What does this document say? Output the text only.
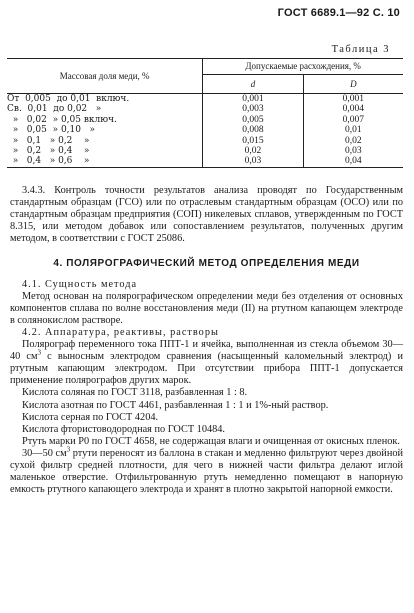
ГОСТ 6689.1—92 С. 10
Таблица 3
Массовая доля меди, %	Допускаемые расхождения, %	
	d	D
От  0,005  до 0,01  включ.	0,001	0,001
Св.  0,01  до 0,02   »	0,003	0,004
»   0,02  » 0,05 включ.	0,005	0,007
»   0,05  » 0,10   »	0,008	0,01
»   0,1   » 0,2    »	0,015	0,02
»   0,2   » 0,4    »	0,02	0,03
»   0,4   » 0,6    »	0,03	0,04

3.4.3. Контроль точности результатов анализа проводят по Государственным стандартным образцам (ГСО) или по отраслевым стандартным образцам (ОСО) или по стандартным образцам предприятия (СОП) никелевых сплавов, утвержденным по ГОСТ 8.315, или методом добавок или сопоставлением результатов, полученных другим методом, в соответствии с ГОСТ 25086.

4. ПОЛЯРОГРАФИЧЕСКИЙ МЕТОД ОПРЕДЕЛЕНИЯ МЕДИ

4.1. Сущность метода

Метод основан на полярографическом определении меди без отделения от основных компонентов сплава по волне восстановления меди (II) на ртутном капающем электроде в солянокислом растворе.

4.2. Аппаратура, реактивы, растворы

Полярограф переменного тока ППТ-1 и ячейка, выполненная из стекла объемом 30—40 $см^3$ с выносным электродом сравнения (насыщенный каломельный электрод) и ртутным капающим электродом. При отсутствии прибора ППТ-1 допускается применение полярографов других марок.

Кислота соляная по ГОСТ 3118, разбавленная 1 : 8.

Кислота азотная по ГОСТ 4461, разбавленная 1 : 1 и 1%-ный раствор.

Кислота серная по ГОСТ 4204.

Кислота фтористоводородная по ГОСТ 10484.

Ртуть марки Р0 по ГОСТ 4658, не содержащая влаги и очищенная от окисных пленок.

30—50 $см^3$ ртути переносят из баллона в стакан и медленно фильтруют через двойной сухой фильтр средней плотности, для чего в нижней части фильтра делают иглой маленькое отверстие. Отфильтрованную ртуть немедленно помещают в напорную емкость ртутного капающего электрода и хранят в плотно закрытой напорной емкости.
